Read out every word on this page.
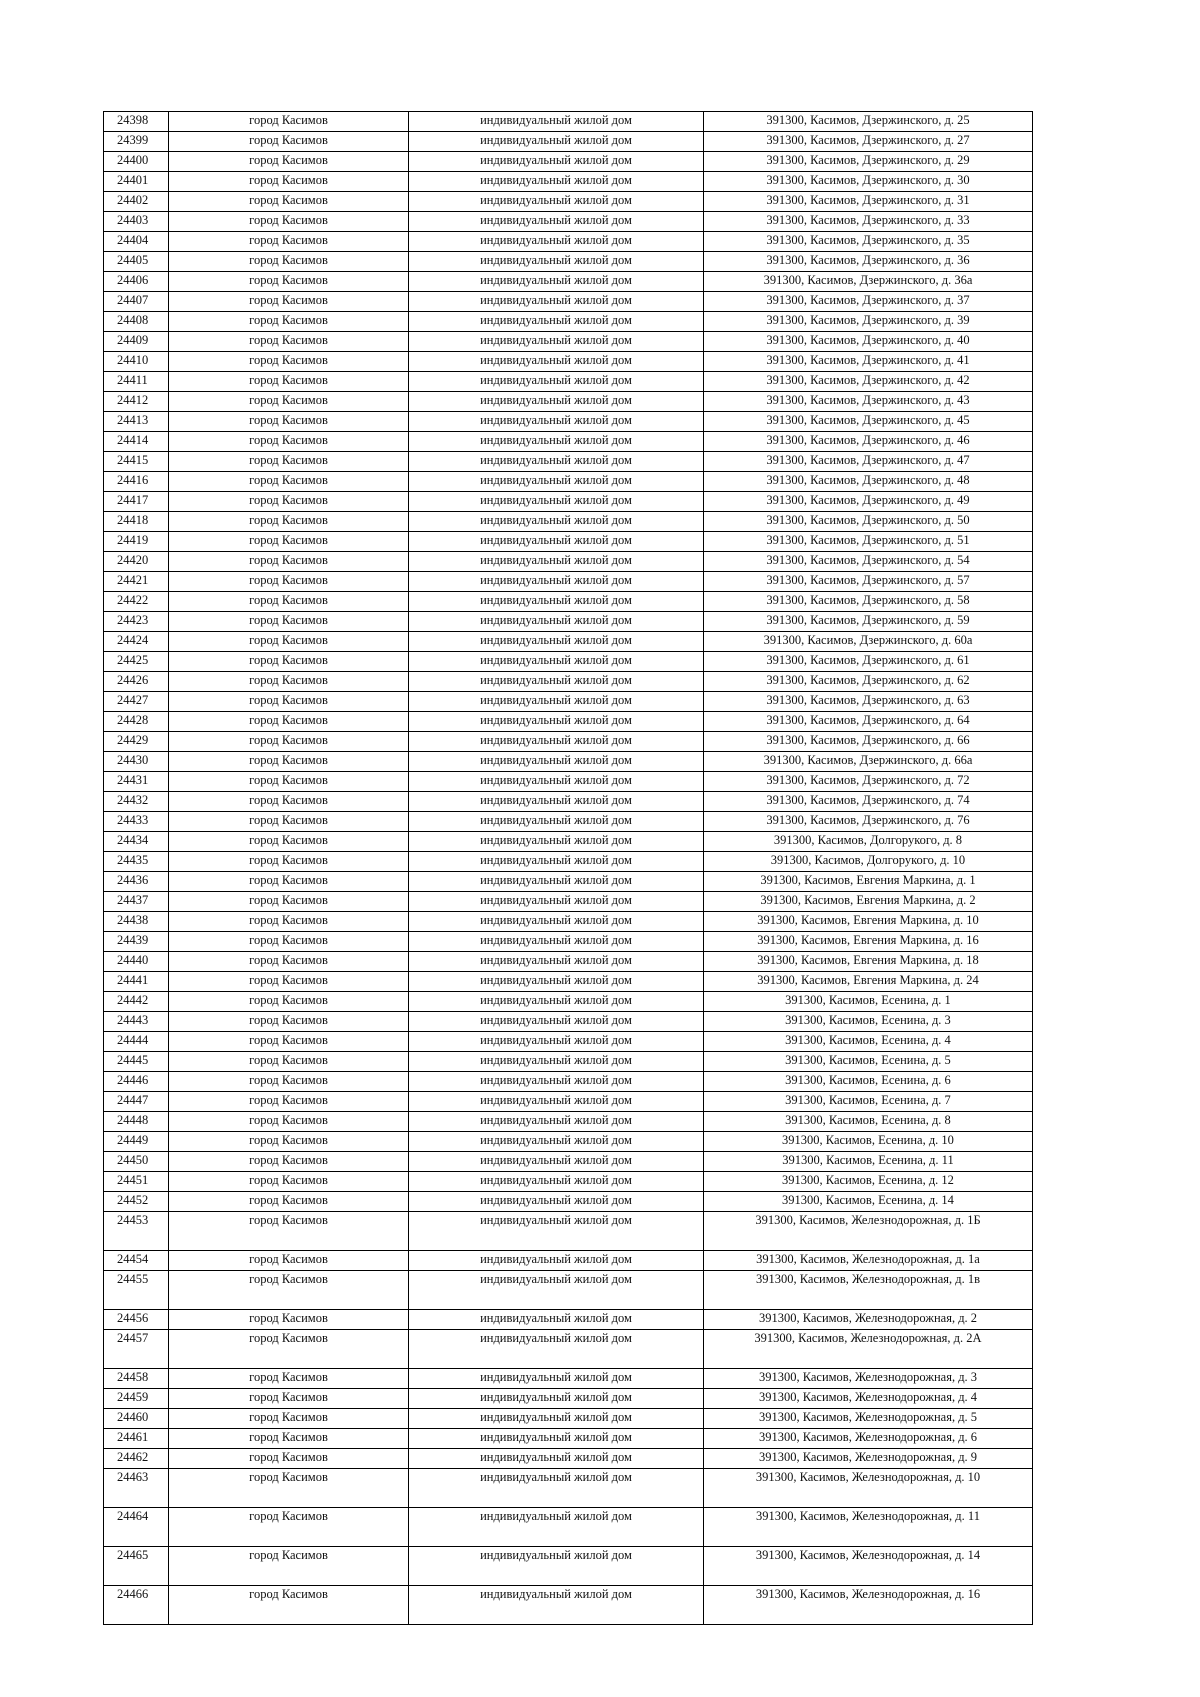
24398	город Касимов	индивидуальный жилой дом	391300, Касимов, Дзержинского, д. 25
24399	город Касимов	индивидуальный жилой дом	391300, Касимов, Дзержинского, д. 27
24400	город Касимов	индивидуальный жилой дом	391300, Касимов, Дзержинского, д. 29
24401	город Касимов	индивидуальный жилой дом	391300, Касимов, Дзержинского, д. 30
24402	город Касимов	индивидуальный жилой дом	391300, Касимов, Дзержинского, д. 31
24403	город Касимов	индивидуальный жилой дом	391300, Касимов, Дзержинского, д. 33
24404	город Касимов	индивидуальный жилой дом	391300, Касимов, Дзержинского, д. 35
24405	город Касимов	индивидуальный жилой дом	391300, Касимов, Дзержинского, д. 36
24406	город Касимов	индивидуальный жилой дом	391300, Касимов, Дзержинского, д. 36а
24407	город Касимов	индивидуальный жилой дом	391300, Касимов, Дзержинского, д. 37
24408	город Касимов	индивидуальный жилой дом	391300, Касимов, Дзержинского, д. 39
24409	город Касимов	индивидуальный жилой дом	391300, Касимов, Дзержинского, д. 40
24410	город Касимов	индивидуальный жилой дом	391300, Касимов, Дзержинского, д. 41
24411	город Касимов	индивидуальный жилой дом	391300, Касимов, Дзержинского, д. 42
24412	город Касимов	индивидуальный жилой дом	391300, Касимов, Дзержинского, д. 43
24413	город Касимов	индивидуальный жилой дом	391300, Касимов, Дзержинского, д. 45
24414	город Касимов	индивидуальный жилой дом	391300, Касимов, Дзержинского, д. 46
24415	город Касимов	индивидуальный жилой дом	391300, Касимов, Дзержинского, д. 47
24416	город Касимов	индивидуальный жилой дом	391300, Касимов, Дзержинского, д. 48
24417	город Касимов	индивидуальный жилой дом	391300, Касимов, Дзержинского, д. 49
24418	город Касимов	индивидуальный жилой дом	391300, Касимов, Дзержинского, д. 50
24419	город Касимов	индивидуальный жилой дом	391300, Касимов, Дзержинского, д. 51
24420	город Касимов	индивидуальный жилой дом	391300, Касимов, Дзержинского, д. 54
24421	город Касимов	индивидуальный жилой дом	391300, Касимов, Дзержинского, д. 57
24422	город Касимов	индивидуальный жилой дом	391300, Касимов, Дзержинского, д. 58
24423	город Касимов	индивидуальный жилой дом	391300, Касимов, Дзержинского, д. 59
24424	город Касимов	индивидуальный жилой дом	391300, Касимов, Дзержинского, д. 60а
24425	город Касимов	индивидуальный жилой дом	391300, Касимов, Дзержинского, д. 61
24426	город Касимов	индивидуальный жилой дом	391300, Касимов, Дзержинского, д. 62
24427	город Касимов	индивидуальный жилой дом	391300, Касимов, Дзержинского, д. 63
24428	город Касимов	индивидуальный жилой дом	391300, Касимов, Дзержинского, д. 64
24429	город Касимов	индивидуальный жилой дом	391300, Касимов, Дзержинского, д. 66
24430	город Касимов	индивидуальный жилой дом	391300, Касимов, Дзержинского, д. 66а
24431	город Касимов	индивидуальный жилой дом	391300, Касимов, Дзержинского, д. 72
24432	город Касимов	индивидуальный жилой дом	391300, Касимов, Дзержинского, д. 74
24433	город Касимов	индивидуальный жилой дом	391300, Касимов, Дзержинского, д. 76
24434	город Касимов	индивидуальный жилой дом	391300, Касимов, Долгорукого, д. 8
24435	город Касимов	индивидуальный жилой дом	391300, Касимов, Долгорукого, д. 10
24436	город Касимов	индивидуальный жилой дом	391300, Касимов, Евгения Маркина, д. 1
24437	город Касимов	индивидуальный жилой дом	391300, Касимов, Евгения Маркина, д. 2
24438	город Касимов	индивидуальный жилой дом	391300, Касимов, Евгения Маркина, д. 10
24439	город Касимов	индивидуальный жилой дом	391300, Касимов, Евгения Маркина, д. 16
24440	город Касимов	индивидуальный жилой дом	391300, Касимов, Евгения Маркина, д. 18
24441	город Касимов	индивидуальный жилой дом	391300, Касимов, Евгения Маркина, д. 24
24442	город Касимов	индивидуальный жилой дом	391300, Касимов, Есенина, д. 1
24443	город Касимов	индивидуальный жилой дом	391300, Касимов, Есенина, д. 3
24444	город Касимов	индивидуальный жилой дом	391300, Касимов, Есенина, д. 4
24445	город Касимов	индивидуальный жилой дом	391300, Касимов, Есенина, д. 5
24446	город Касимов	индивидуальный жилой дом	391300, Касимов, Есенина, д. 6
24447	город Касимов	индивидуальный жилой дом	391300, Касимов, Есенина, д. 7
24448	город Касимов	индивидуальный жилой дом	391300, Касимов, Есенина, д. 8
24449	город Касимов	индивидуальный жилой дом	391300, Касимов, Есенина, д. 10
24450	город Касимов	индивидуальный жилой дом	391300, Касимов, Есенина, д. 11
24451	город Касимов	индивидуальный жилой дом	391300, Касимов, Есенина, д. 12
24452	город Касимов	индивидуальный жилой дом	391300, Касимов, Есенина, д. 14
24453	город Касимов	индивидуальный жилой дом	391300, Касимов, Железнодорожная, д. 1Б
24454	город Касимов	индивидуальный жилой дом	391300, Касимов, Железнодорожная, д. 1а
24455	город Касимов	индивидуальный жилой дом	391300, Касимов, Железнодорожная, д. 1в
24456	город Касимов	индивидуальный жилой дом	391300, Касимов, Железнодорожная, д. 2
24457	город Касимов	индивидуальный жилой дом	391300, Касимов, Железнодорожная, д. 2А
24458	город Касимов	индивидуальный жилой дом	391300, Касимов, Железнодорожная, д. 3
24459	город Касимов	индивидуальный жилой дом	391300, Касимов, Железнодорожная, д. 4
24460	город Касимов	индивидуальный жилой дом	391300, Касимов, Железнодорожная, д. 5
24461	город Касимов	индивидуальный жилой дом	391300, Касимов, Железнодорожная, д. 6
24462	город Касимов	индивидуальный жилой дом	391300, Касимов, Железнодорожная, д. 9
24463	город Касимов	индивидуальный жилой дом	391300, Касимов, Железнодорожная, д. 10
24464	город Касимов	индивидуальный жилой дом	391300, Касимов, Железнодорожная, д. 11
24465	город Касимов	индивидуальный жилой дом	391300, Касимов, Железнодорожная, д. 14
24466	город Касимов	индивидуальный жилой дом	391300, Касимов, Железнодорожная, д. 16
